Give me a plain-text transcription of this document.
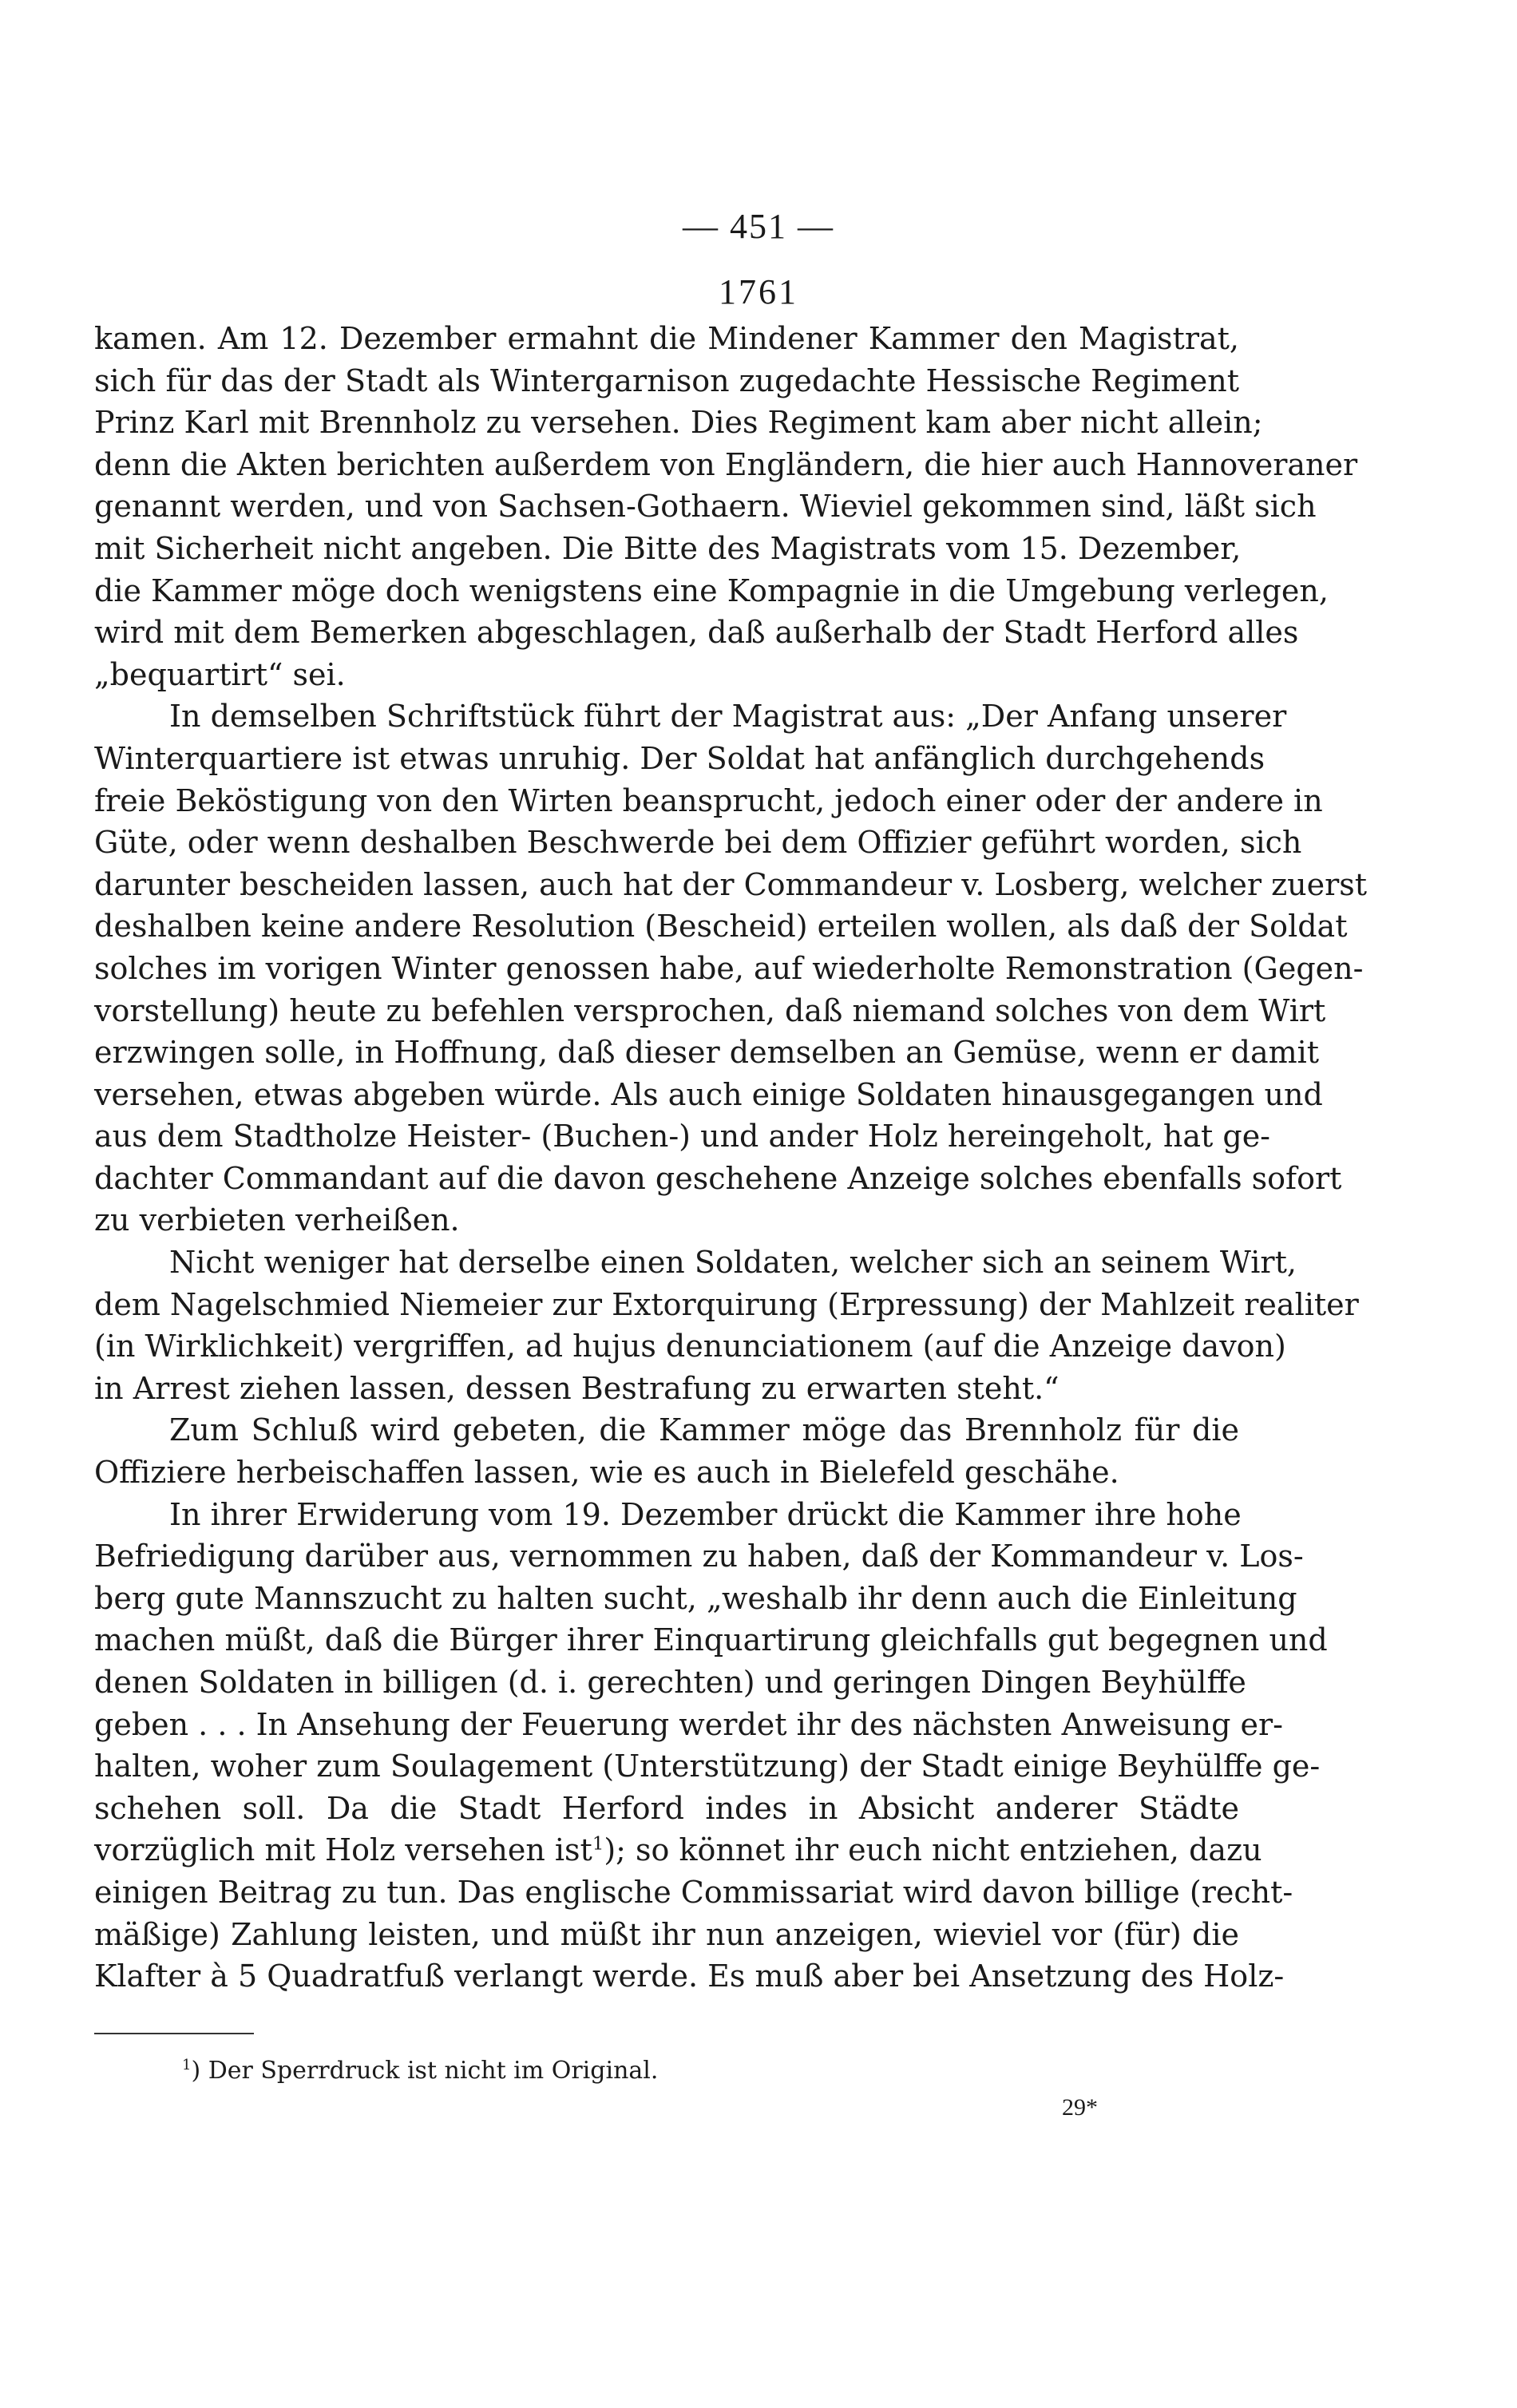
— 451 —
1761
kamen. Am 12. Dezember ermahnt die Mindener Kammer den Magistrat,
sich für das der Stadt als Wintergarnison zugedachte Hessische Regiment
Prinz Karl mit Brennholz zu versehen. Dies Regiment kam aber nicht allein;
denn die Akten berichten außerdem von Engländern, die hier auch Hannoveraner
genannt werden, und von Sachsen-Gothaern. Wieviel gekommen sind, läßt sich
mit Sicherheit nicht angeben. Die Bitte des Magistrats vom 15. Dezember,
die Kammer möge doch wenigstens eine Kompagnie in die Umgebung verlegen,
wird mit dem Bemerken abgeschlagen, daß außerhalb der Stadt Herford alles
„bequartirt“ sei.
In demselben Schriftstück führt der Magistrat aus: „Der Anfang unserer
Winterquartiere ist etwas unruhig. Der Soldat hat anfänglich durchgehends
freie Beköstigung von den Wirten beansprucht, jedoch einer oder der andere in
Güte, oder wenn deshalben Beschwerde bei dem Offizier geführt worden, sich
darunter bescheiden lassen, auch hat der Commandeur v. Losberg, welcher zuerst
deshalben keine andere Resolution (Bescheid) erteilen wollen, als daß der Soldat
solches im vorigen Winter genossen habe, auf wiederholte Remonstration (Gegen-
vorstellung) heute zu befehlen versprochen, daß niemand solches von dem Wirt
erzwingen solle, in Hoffnung, daß dieser demselben an Gemüse, wenn er damit
versehen, etwas abgeben würde. Als auch einige Soldaten hinausgegangen und
aus dem Stadtholze Heister- (Buchen-) und ander Holz hereingeholt, hat ge-
dachter Commandant auf die davon geschehene Anzeige solches ebenfalls sofort
zu verbieten verheißen.
Nicht weniger hat derselbe einen Soldaten, welcher sich an seinem Wirt,
dem Nagelschmied Niemeier zur Extorquirung (Erpressung) der Mahlzeit realiter
(in Wirklichkeit) vergriffen, ad hujus denunciationem (auf die Anzeige davon)
in Arrest ziehen lassen, dessen Bestrafung zu erwarten steht.“
Zum Schluß wird gebeten, die Kammer möge das Brennholz für die
Offiziere herbeischaffen lassen, wie es auch in Bielefeld geschähe.
In ihrer Erwiderung vom 19. Dezember drückt die Kammer ihre hohe
Befriedigung darüber aus, vernommen zu haben, daß der Kommandeur v. Los-
berg gute Mannszucht zu halten sucht, „weshalb ihr denn auch die Einleitung
machen müßt, daß die Bürger ihrer Einquartirung gleichfalls gut begegnen und
denen Soldaten in billigen (d. i. gerechten) und geringen Dingen Beyhülffe
geben . . . In Ansehung der Feuerung werdet ihr des nächsten Anweisung er-
halten, woher zum Soulagement (Unterstützung) der Stadt einige Beyhülffe ge-
schehen soll. Da die Stadt Herford indes in Absicht anderer Städte
vorzüglich mit Holz versehen ist$^1$); so könnet ihr euch nicht entziehen, dazu
einigen Beitrag zu tun. Das englische Commissariat wird davon billige (recht-
mäßige) Zahlung leisten, und müßt ihr nun anzeigen, wieviel vor (für) die
Klafter à 5 Quadratfuß verlangt werde. Es muß aber bei Ansetzung des Holz-
$^1$) Der Sperrdruck ist nicht im Original.
29*
